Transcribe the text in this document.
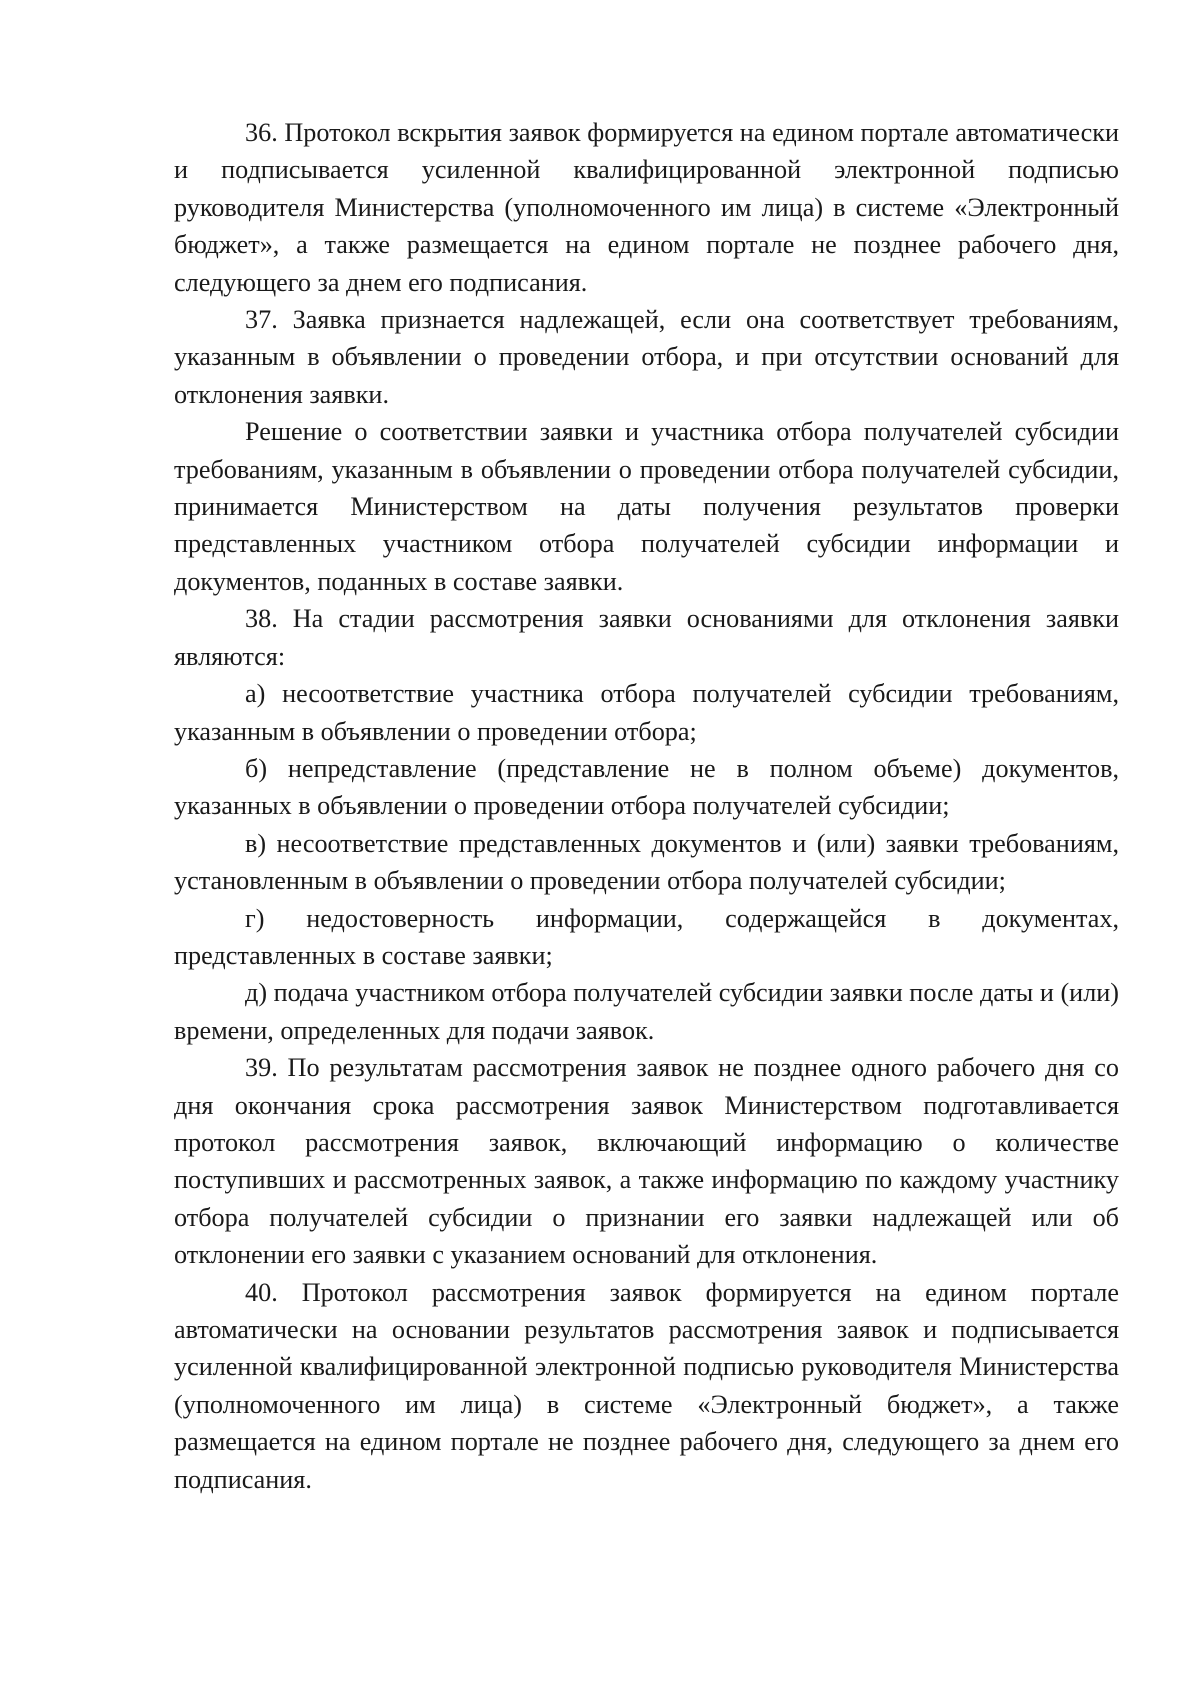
36. Протокол вскрытия заявок формируется на едином портале автоматически и подписывается усиленной квалифицированной электронной подписью руководителя Министерства (уполномоченного им лица) в системе «Электронный бюджет», а также размещается на едином портале не позднее рабочего дня, следующего за днем его подписания.

37. Заявка признается надлежащей, если она соответствует требованиям, указанным в объявлении о проведении отбора, и при отсутствии оснований для отклонения заявки.

Решение о соответствии заявки и участника отбора получателей субсидии требованиям, указанным в объявлении о проведении отбора получателей субсидии, принимается Министерством на даты получения результатов проверки представленных участником отбора получателей субсидии информации и документов, поданных в составе заявки.

38. На стадии рассмотрения заявки основаниями для отклонения заявки являются:

а) несоответствие участника отбора получателей субсидии требованиям, указанным в объявлении о проведении отбора;

б) непредставление (представление не в полном объеме) документов, указанных в объявлении о проведении отбора получателей субсидии;

в) несоответствие представленных документов и (или) заявки требованиям, установленным в объявлении о проведении отбора получателей субсидии;

г) недостоверность информации, содержащейся в документах, представленных в составе заявки;

д) подача участником отбора получателей субсидии заявки после даты и (или) времени, определенных для подачи заявок.

39. По результатам рассмотрения заявок не позднее одного рабочего дня со дня окончания срока рассмотрения заявок Министерством подготавливается протокол рассмотрения заявок, включающий информацию о количестве поступивших и рассмотренных заявок, а также информацию по каждому участнику отбора получателей субсидии о признании его заявки надлежащей или об отклонении его заявки с указанием оснований для отклонения.

40. Протокол рассмотрения заявок формируется на едином портале автоматически на основании результатов рассмотрения заявок и подписывается усиленной квалифицированной электронной подписью руководителя Министерства (уполномоченного им лица) в системе «Электронный бюджет», а также размещается на едином портале не позднее рабочего дня, следующего за днем его подписания.
